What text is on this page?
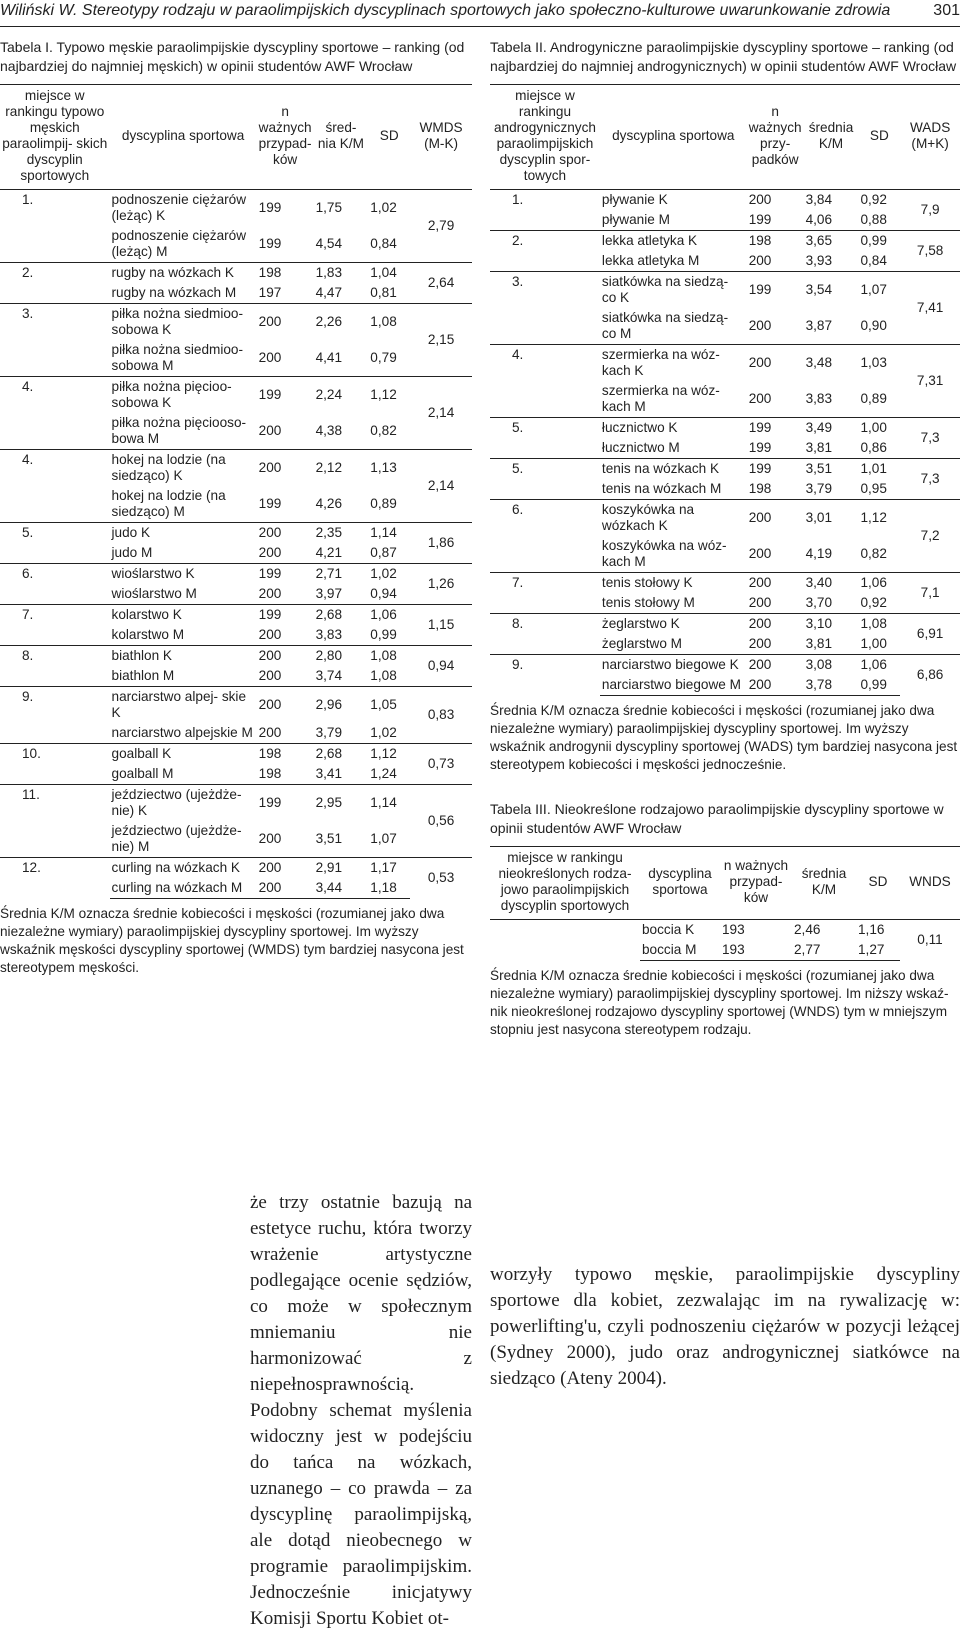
Wiliński W. Stereotypy rodzaju w paraolimpijskich dyscyplinach sportowych jako społeczno-kulturowe uwarunkowanie zdrowia	301

Tabela I. Typowo męskie paraolimpijskie dyscypliny sportowe – ranking (od najbardziej do najmniej męskich) w opinii studentów AWF Wrocław

miejsce w rankingu typowo męskich paraolimpij- skich dyscyplin sportowych	dyscyplina sportowa	n ważnych przypad- ków	śred- nia K/M	SD	WMDS (M-K)
1.	podnoszenie ciężarów (leżąc) K	199	1,75	1,02	2,79
	podnoszenie ciężarów (leżąc) M	199	4,54	0,84	
2.	rugby na wózkach K	198	1,83	1,04	2,64
	rugby na wózkach M	197	4,47	0,81	
3.	piłka nożna siedmioo- sobowa K	200	2,26	1,08	2,15
	piłka nożna siedmioo- sobowa M	200	4,41	0,79	
4.	piłka nożna pięcioo- sobowa K	199	2,24	1,12	2,14
	piłka nożna pięciooso- bowa M	200	4,38	0,82	
4.	hokej na lodzie (na siedząco) K	200	2,12	1,13	2,14
	hokej na lodzie (na siedząco) M	199	4,26	0,89	
5.	judo K	200	2,35	1,14	1,86
	judo M	200	4,21	0,87	
6.	wioślarstwo K	199	2,71	1,02	1,26
	wioślarstwo M	200	3,97	0,94	
7.	kolarstwo K	199	2,68	1,06	1,15
	kolarstwo M	200	3,83	0,99	
8.	biathlon K	200	2,80	1,08	0,94
	biathlon M	200	3,74	1,08	
9.	narciarstwo alpej- skie K	200	2,96	1,05	0,83
	narciarstwo alpejskie M	200	3,79	1,02	
10.	goalball K	198	2,68	1,12	0,73
	goalball M	198	3,41	1,24	
11.	jeździectwo (ujeżdże- nie) K	199	2,95	1,14	0,56
	jeździectwo (ujeżdże- nie) M	200	3,51	1,07	
12.	curling na wózkach K	200	2,91	1,17	0,53
	curling na wózkach M	200	3,44	1,18	

Średnia K/M oznacza średnie kobiecości i męskości (rozumianej jako dwa niezależne wymiary) paraolimpijskiej dyscypliny sportowej. Im wyższy wskaźnik męskości dyscypliny sportowej (WMDS) tym bardziej nasycona jest stereotypem męskości.

Tabela II. Androgyniczne paraolimpijskie dyscypliny sportowe – ranking (od najbardziej do najmniej androgynicznych) w opinii studentów AWF Wrocław

miejsce w rankingu androgynicznych paraolimpijskich dyscyplin spor- towych	dyscyplina sportowa	n ważnych przy- padków	średnia K/M	SD	WADS (M+K)
1.	pływanie K	200	3,84	0,92	7,9
	pływanie M	199	4,06	0,88	
2.	lekka atletyka K	198	3,65	0,99	7,58
	lekka atletyka M	200	3,93	0,84	
3.	siatkówka na siedzą- co K	199	3,54	1,07	7,41
	siatkówka na siedzą- co M	200	3,87	0,90	
4.	szermierka na wóz- kach K	200	3,48	1,03	7,31
	szermierka na wóz- kach M	200	3,83	0,89	
5.	łucznictwo K	199	3,49	1,00	7,3
	łucznictwo M	199	3,81	0,86	
5.	tenis na wózkach K	199	3,51	1,01	7,3
	tenis na wózkach M	198	3,79	0,95	
6.	koszykówka na wózkach K	200	3,01	1,12	7,2
	koszykówka na wóz- kach M	200	4,19	0,82	
7.	tenis stołowy K	200	3,40	1,06	7,1
	tenis stołowy M	200	3,70	0,92	
8.	żeglarstwo K	200	3,10	1,08	6,91
	żeglarstwo M	200	3,81	1,00	
9.	narciarstwo biegowe K	200	3,08	1,06	6,86
	narciarstwo biegowe M	200	3,78	0,99	

Średnia K/M oznacza średnie kobiecości i męskości (rozumianej jako dwa niezależne wymiary) paraolimpijskiej dyscypliny sportowej. Im wyższy wskaźnik androgynii dyscypliny sportowej (WADS) tym bardziej nasycona jest stereotypem kobiecości i męskości jednocześnie.

Tabela III. Nieokreślone rodzajowo paraolimpijskie dyscypliny sportowe w opinii studentów AWF Wrocław

miejsce w rankingu nieokreślonych rodza- jowo paraolimpijskich dyscyplin sportowych	dyscyplina sportowa	n ważnych przypad- ków	średnia K/M	SD	WNDS
	boccia K	193	2,46	1,16	0,11
	boccia M	193	2,77	1,27	

Średnia K/M oznacza średnie kobiecości i męskości (rozumianej jako dwa niezależne wymiary) paraolimpijskiej dyscypliny sportowej. Im niższy wskaź- nik nieokreślonej rodzajowo dyscypliny sportowej (WNDS) tym w mniejszym stopniu jest nasycona stereotypem rodzaju.

że trzy ostatnie bazują na estetyce ruchu, która tworzy wrażenie artystyczne podlegające ocenie sędziów, co może w społecznym mniemaniu nie harmonizować z niepełnosprawnością. Podobny schemat myślenia widoczny jest w podejściu do tańca na wózkach, uznanego – co prawda – za dyscyplinę paraolimpijską, ale dotąd nieobecnego w programie paraolimpijskim. Jednocześnie inicjatywy Komisji Sportu Kobiet ot-
worzyły typowo męskie, paraolimpijskie dyscypliny sportowe dla kobiet, zezwalając im na rywalizację w: powerlifting'u, czyli podnoszeniu ciężarów w pozycji leżącej (Sydney 2000), judo oraz androgynicznej siatkówce na siedząco (Ateny 2004).
